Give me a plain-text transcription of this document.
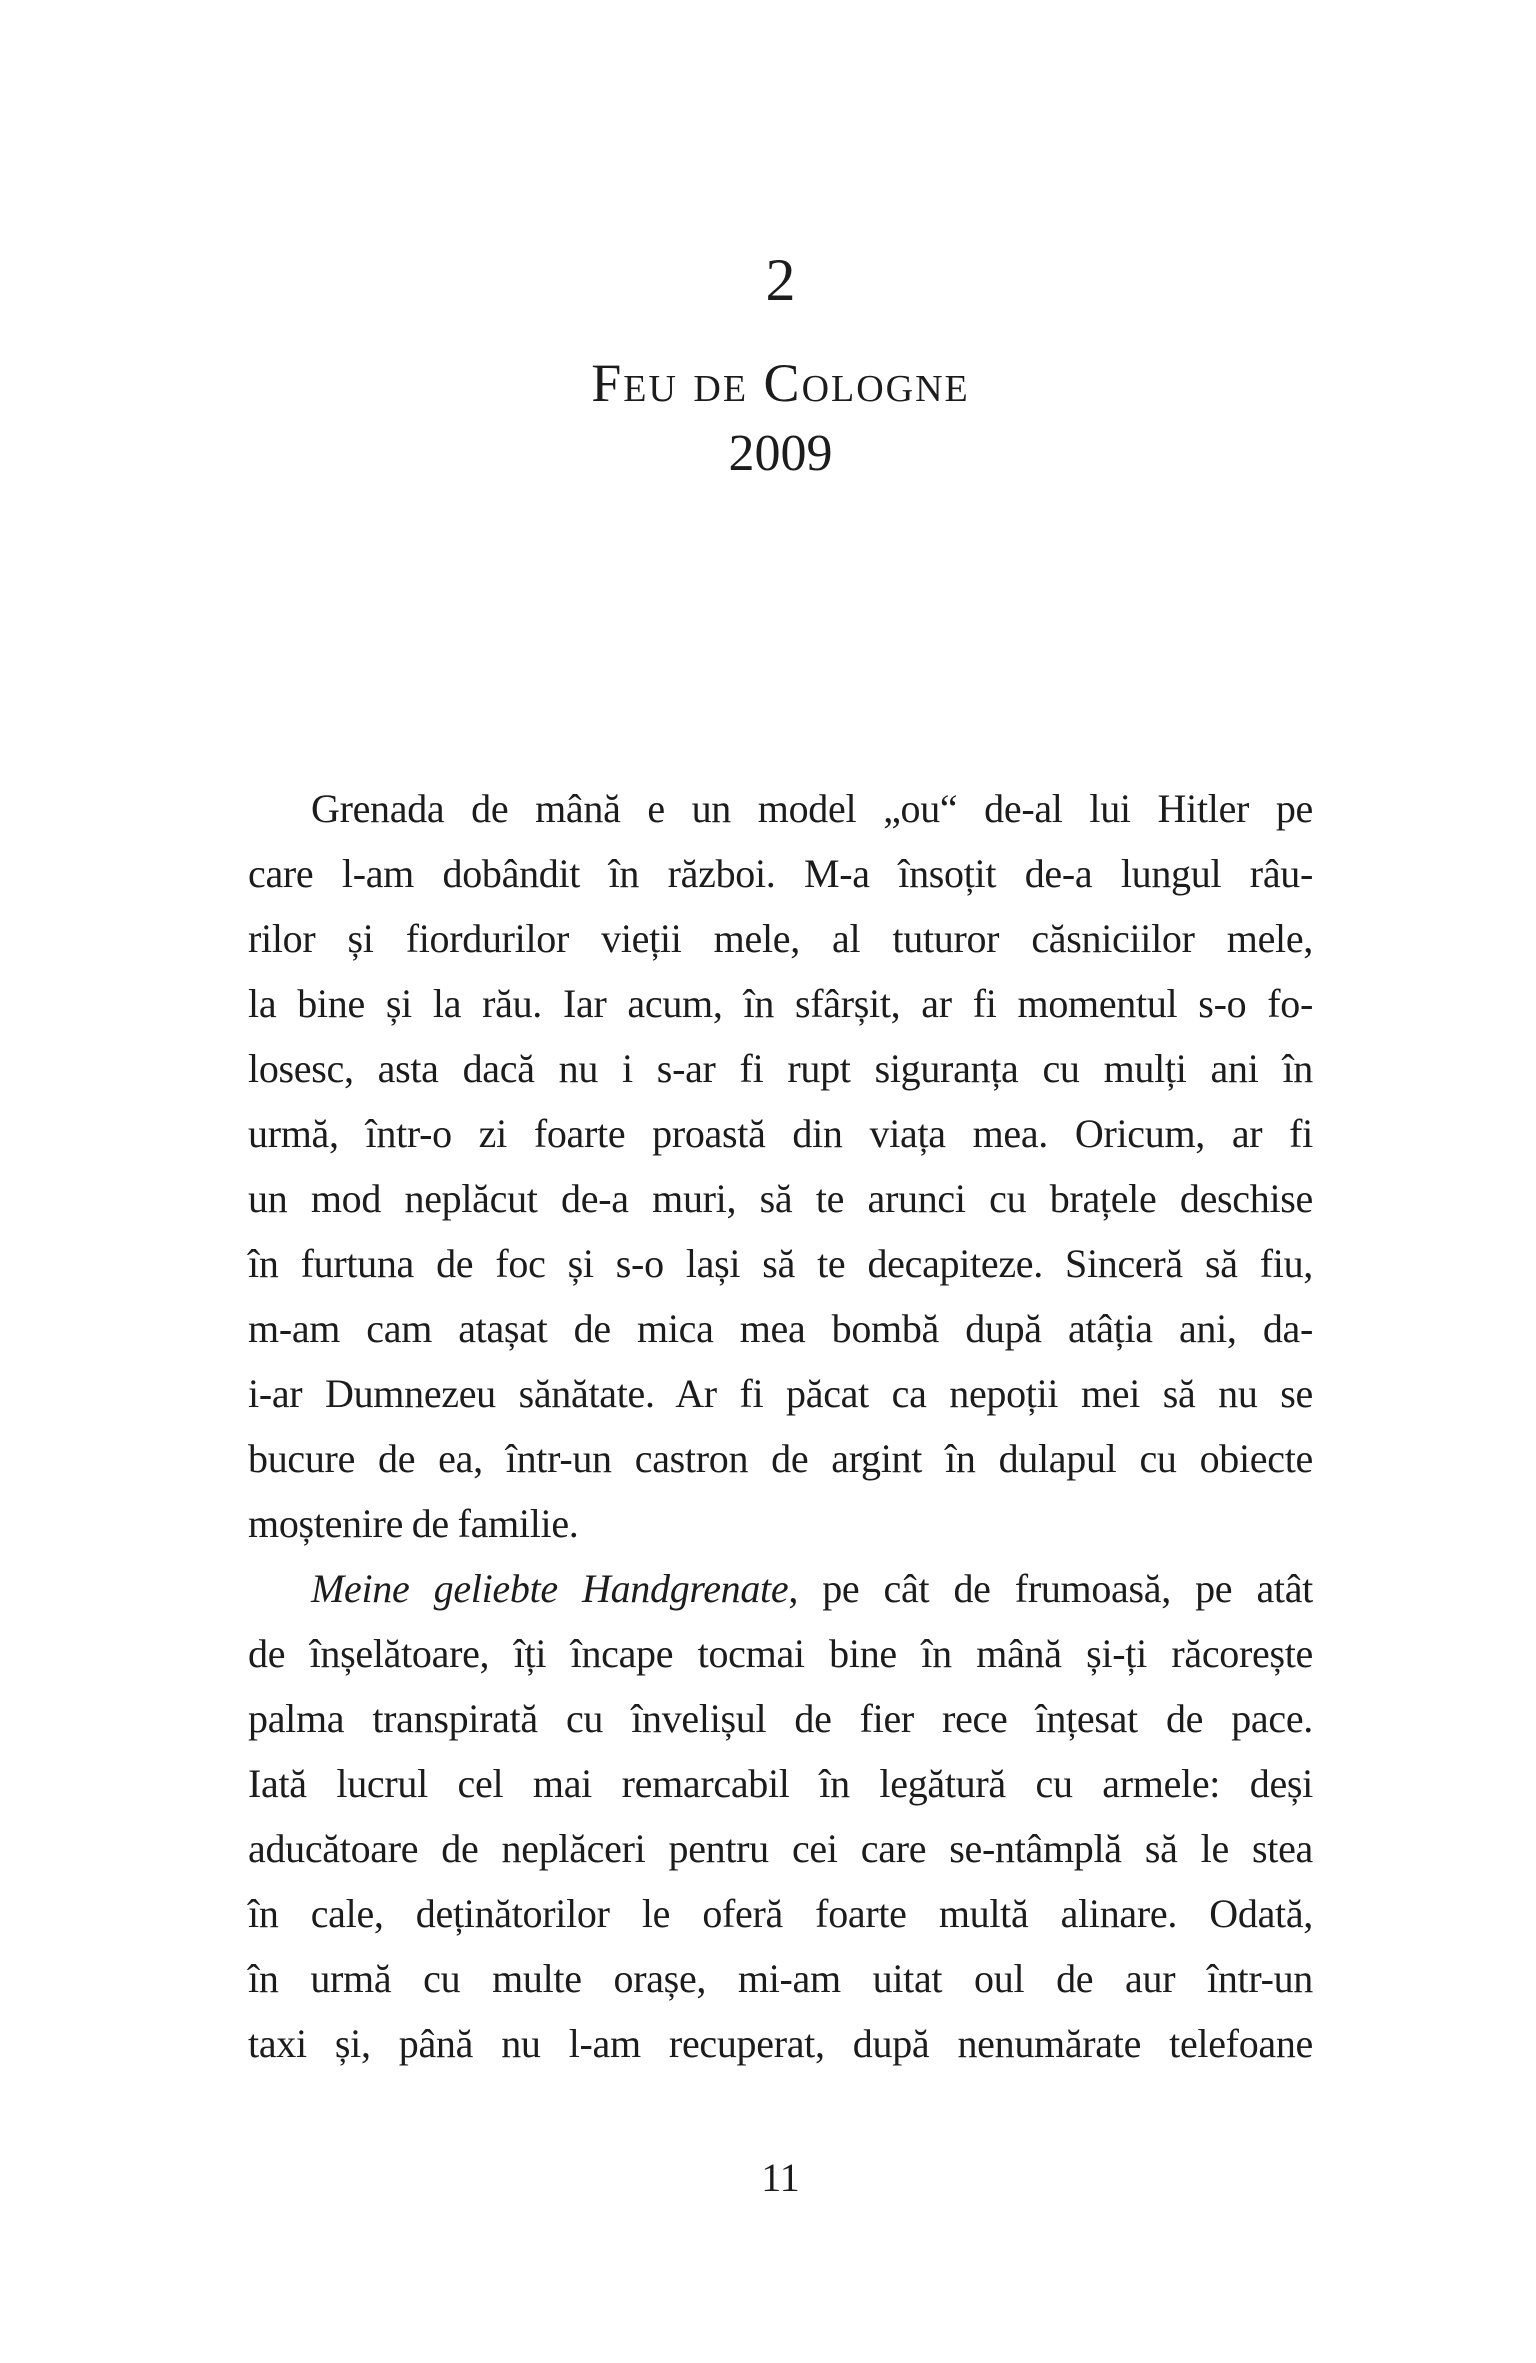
2
Feu de Cologne
2009
Grenada de mână e un model „ou“ de-al lui Hitler pe
care l-am dobândit în război. M-a însoțit de-a lungul râu-
rilor și fiordurilor vieții mele, al tuturor căsniciilor mele,
la bine și la rău. Iar acum, în sfârșit, ar fi momentul s-o fo-
losesc, asta dacă nu i s-ar fi rupt siguranța cu mulți ani în
urmă, într-o zi foarte proastă din viața mea. Oricum, ar fi
un mod neplăcut de-a muri, să te arunci cu brațele deschise
în furtuna de foc și s-o lași să te decapiteze. Sinceră să fiu,
m-am cam atașat de mica mea bombă după atâția ani, da-
i-ar Dumnezeu sănătate. Ar fi păcat ca nepoții mei să nu se
bucure de ea, într-un castron de argint în dulapul cu obiecte
moștenire de familie.
Meine geliebte Handgrenate, pe cât de frumoasă, pe atât
de înșelătoare, îți încape tocmai bine în mână și-ți răcorește
palma transpirată cu învelișul de fier rece înțesat de pace.
Iată lucrul cel mai remarcabil în legătură cu armele: deși
aducătoare de neplăceri pentru cei care se-ntâmplă să le stea
în cale, deținătorilor le oferă foarte multă alinare. Odată,
în urmă cu multe orașe, mi-am uitat oul de aur într-un
taxi și, până nu l-am recuperat, după nenumărate telefoane
11
